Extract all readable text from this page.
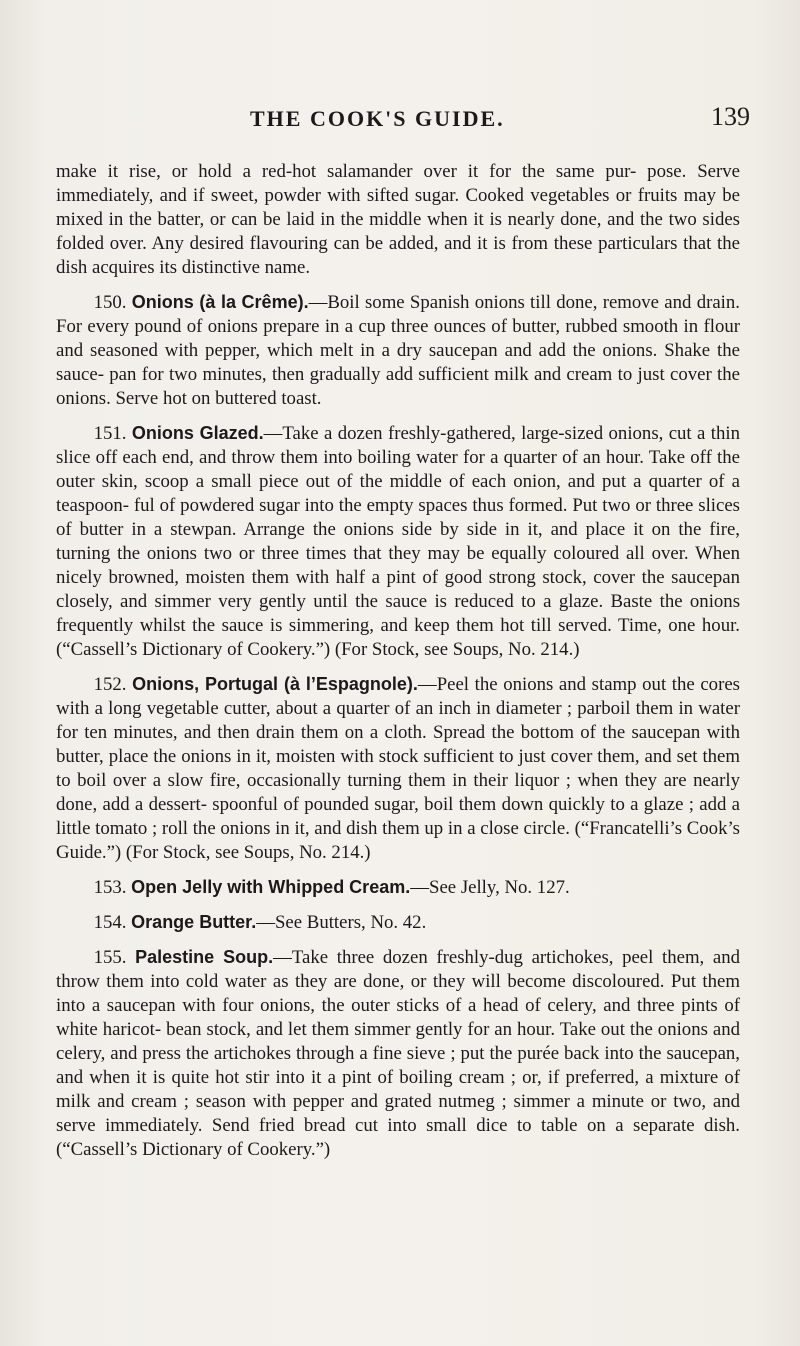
THE COOK'S GUIDE.	139

make it rise, or hold a red-hot salamander over it for the same pur- pose. Serve immediately, and if sweet, powder with sifted sugar. Cooked vegetables or fruits may be mixed in the batter, or can be laid in the middle when it is nearly done, and the two sides folded over. Any desired flavouring can be added, and it is from these particulars that the dish acquires its distinctive name.

150. Onions (à la Crême).—Boil some Spanish onions till done, remove and drain. For every pound of onions prepare in a cup three ounces of butter, rubbed smooth in flour and seasoned with pepper, which melt in a dry saucepan and add the onions. Shake the sauce- pan for two minutes, then gradually add sufficient milk and cream to just cover the onions. Serve hot on buttered toast.

151. Onions Glazed.—Take a dozen freshly-gathered, large-sized onions, cut a thin slice off each end, and throw them into boiling water for a quarter of an hour. Take off the outer skin, scoop a small piece out of the middle of each onion, and put a quarter of a teaspoon- ful of powdered sugar into the empty spaces thus formed. Put two or three slices of butter in a stewpan. Arrange the onions side by side in it, and place it on the fire, turning the onions two or three times that they may be equally coloured all over. When nicely browned, moisten them with half a pint of good strong stock, cover the saucepan closely, and simmer very gently until the sauce is reduced to a glaze. Baste the onions frequently whilst the sauce is simmering, and keep them hot till served. Time, one hour. (“Cassell’s Dictionary of Cookery.”) (For Stock, see Soups, No. 214.)

152. Onions, Portugal (à l’Espagnole).—Peel the onions and stamp out the cores with a long vegetable cutter, about a quarter of an inch in diameter ; parboil them in water for ten minutes, and then drain them on a cloth. Spread the bottom of the saucepan with butter, place the onions in it, moisten with stock sufficient to just cover them, and set them to boil over a slow fire, occasionally turning them in their liquor ; when they are nearly done, add a dessert- spoonful of pounded sugar, boil them down quickly to a glaze ; add a little tomato ; roll the onions in it, and dish them up in a close circle. (“Francatelli’s Cook’s Guide.”) (For Stock, see Soups, No. 214.)

153. Open Jelly with Whipped Cream.—See Jelly, No. 127.

154. Orange Butter.—See Butters, No. 42.

155. Palestine Soup.—Take three dozen freshly-dug artichokes, peel them, and throw them into cold water as they are done, or they will become discoloured. Put them into a saucepan with four onions, the outer sticks of a head of celery, and three pints of white haricot- bean stock, and let them simmer gently for an hour. Take out the onions and celery, and press the artichokes through a fine sieve ; put the purée back into the saucepan, and when it is quite hot stir into it a pint of boiling cream ; or, if preferred, a mixture of milk and cream ; season with pepper and grated nutmeg ; simmer a minute or two, and serve immediately. Send fried bread cut into small dice to table on a separate dish. (“Cassell’s Dictionary of Cookery.”)
